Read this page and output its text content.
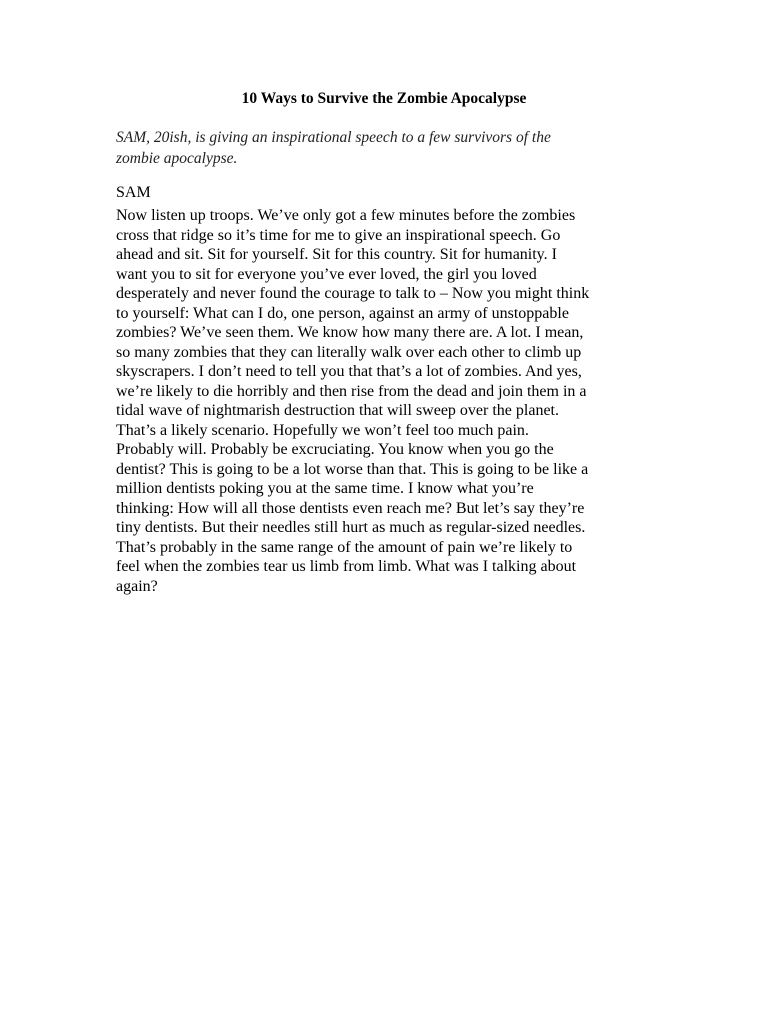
10 Ways to Survive the Zombie Apocalypse
SAM, 20ish, is giving an inspirational speech to a few survivors of the
zombie apocalypse.
SAM
Now listen up troops. We’ve only got a few minutes before the zombies
cross that ridge so it’s time for me to give an inspirational speech. Go
ahead and sit. Sit for yourself. Sit for this country. Sit for humanity. I
want you to sit for everyone you’ve ever loved, the girl you loved
desperately and never found the courage to talk to – Now you might think
to yourself: What can I do, one person, against an army of unstoppable
zombies? We’ve seen them. We know how many there are. A lot. I mean,
so many zombies that they can literally walk over each other to climb up
skyscrapers. I don’t need to tell you that that’s a lot of zombies. And yes,
we’re likely to die horribly and then rise from the dead and join them in a
tidal wave of nightmarish destruction that will sweep over the planet.
That’s a likely scenario. Hopefully we won’t feel too much pain.
Probably will. Probably be excruciating. You know when you go the
dentist? This is going to be a lot worse than that. This is going to be like a
million dentists poking you at the same time. I know what you’re
thinking: How will all those dentists even reach me? But let’s say they’re
tiny dentists. But their needles still hurt as much as regular-sized needles.
That’s probably in the same range of the amount of pain we’re likely to
feel when the zombies tear us limb from limb. What was I talking about
again?
